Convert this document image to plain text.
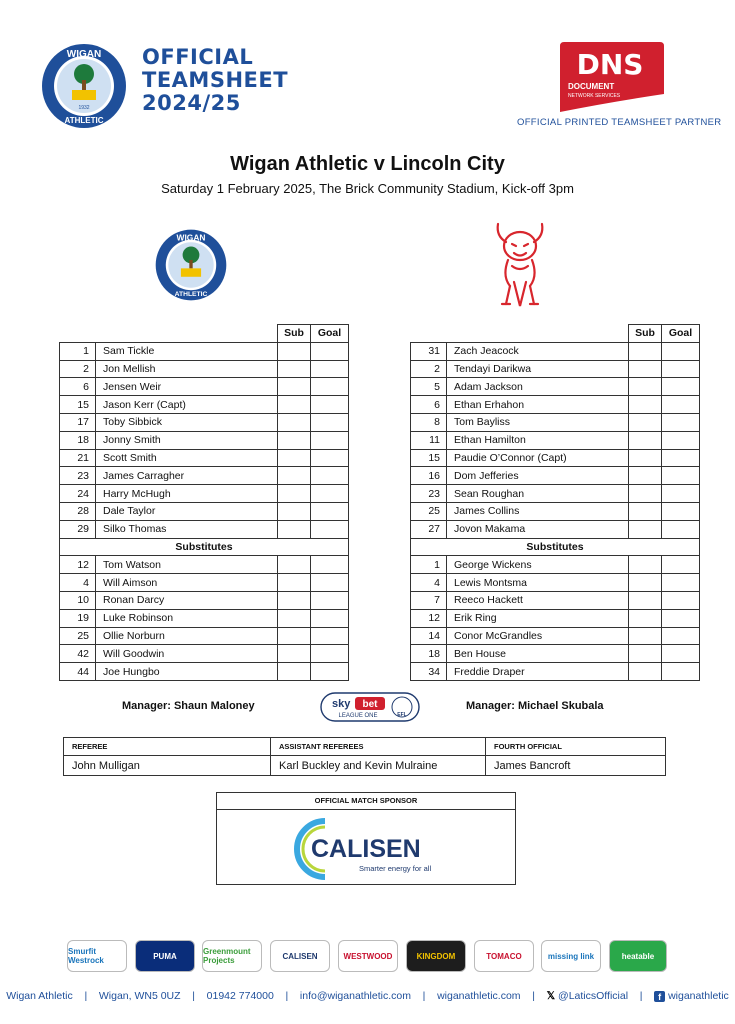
WIGAN
ATHLETIC
1932
OFFICIAL
TEAMSHEET
2024/25
DNS
DOCUMENT
NETWORK SERVICES
OFFICIAL PRINTED TEAMSHEET PARTNER
Wigan Athletic v Lincoln City
Saturday 1 February 2025, The Brick Community Stadium, Kick-off 3pm
WIGAN
ATHLETIC
		Sub	Goal
1	Sam Tickle		
2	Jon Mellish		
6	Jensen Weir		
15	Jason Kerr (Capt)		
17	Toby Sibbick		
18	Jonny Smith		
21	Scott Smith		
23	James Carragher		
24	Harry McHugh		
28	Dale Taylor		
29	Silko Thomas		
Substitutes			
12	Tom Watson		
4	Will Aimson		
10	Ronan Darcy		
19	Luke Robinson		
25	Ollie Norburn		
42	Will Goodwin		
44	Joe Hungbo		
		Sub	Goal
31	Zach Jeacock		
2	Tendayi Darikwa		
5	Adam Jackson		
6	Ethan Erhahon		
8	Tom Bayliss		
11	Ethan Hamilton		
15	Paudie O’Connor (Capt)		
16	Dom Jefferies		
23	Sean Roughan		
25	James Collins		
27	Jovon Makama		
Substitutes			
1	George Wickens		
4	Lewis Montsma		
7	Reeco Hackett		
12	Erik Ring		
14	Conor McGrandles		
18	Ben House		
34	Freddie Draper		
Manager: Shaun Maloney	Manager: Michael Skubala
sky bet
LEAGUE ONE	EFL
REFEREE	ASSISTANT REFEREES	FOURTH OFFICIAL
John Mulligan	Karl Buckley and Kevin Mulraine	James Bancroft
OFFICIAL MATCH SPONSOR
CALISEN
Smarter energy for all
Smurfit Westrock	PUMA	Greenmount Projects	CALISEN	WESTWOOD	KINGDOM	TOMACO	missing link	heatable
Wigan Athletic | Wigan, WN5 0UZ | 01942 774000 | info@wiganathletic.com | wiganathletic.com | 𝕏 @LaticsOfficial | f wiganathletic
